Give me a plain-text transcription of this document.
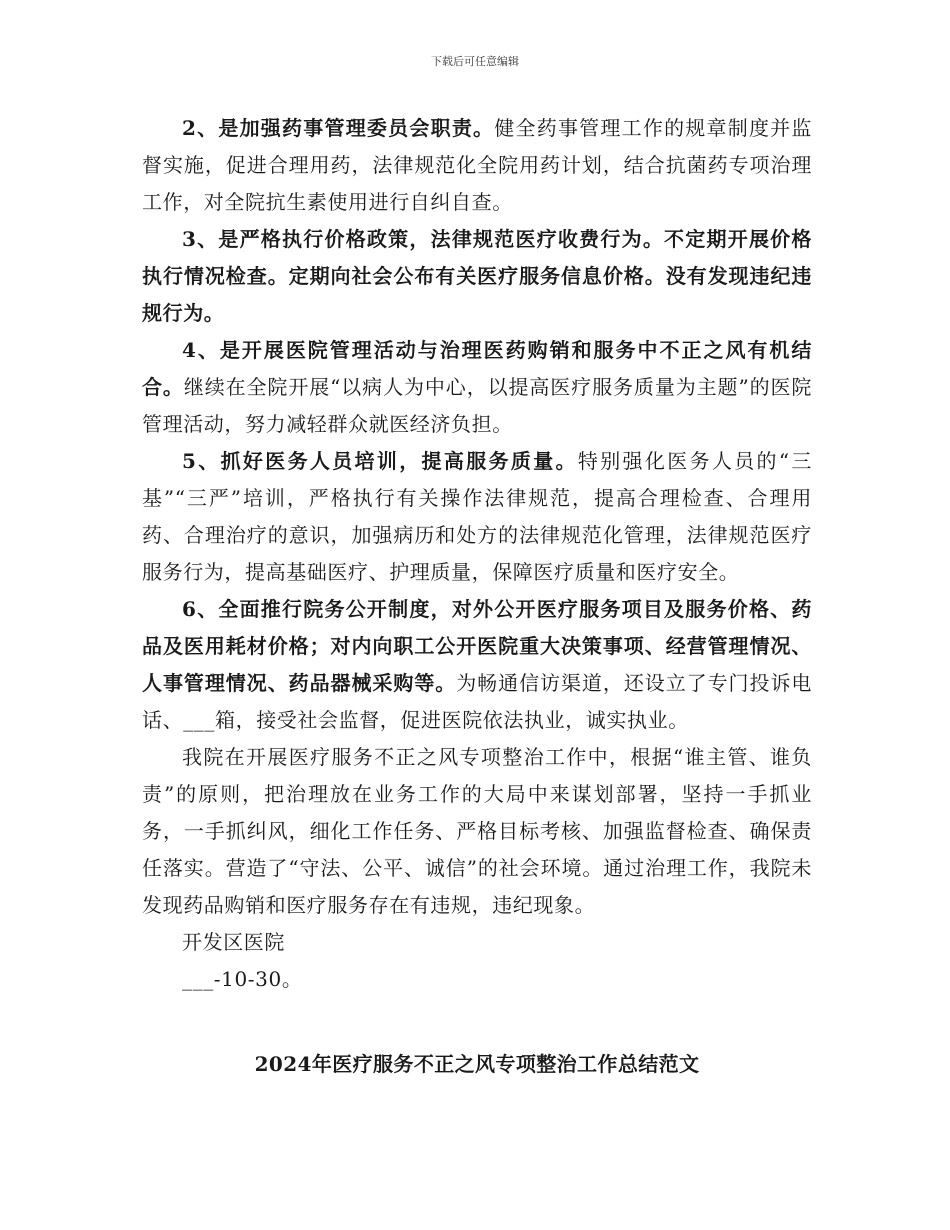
下载后可任意编辑

2、是加强药事管理委员会职责。健全药事管理工作的规章制度并监督实施，促进合理用药，法律规范化全院用药计划，结合抗菌药专项治理工作，对全院抗生素使用进行自纠自查。

3、是严格执行价格政策，法律规范医疗收费行为。不定期开展价格执行情况检查。定期向社会公布有关医疗服务信息价格。没有发现违纪违规行为。

4、是开展医院管理活动与治理医药购销和服务中不正之风有机结合。继续在全院开展“以病人为中心，以提高医疗服务质量为主题”的医院管理活动，努力减轻群众就医经济负担。

5、抓好医务人员培训，提高服务质量。特别强化医务人员的“三基”“三严”培训，严格执行有关操作法律规范，提高合理检查、合理用药、合理治疗的意识，加强病历和处方的法律规范化管理，法律规范医疗服务行为，提高基础医疗、护理质量，保障医疗质量和医疗安全。

6、全面推行院务公开制度，对外公开医疗服务项目及服务价格、药品及医用耗材价格；对内向职工公开医院重大决策事项、经营管理情况、人事管理情况、药品器械采购等。为畅通信访渠道，还设立了专门投诉电话、___箱，接受社会监督，促进医院依法执业，诚实执业。

我院在开展医疗服务不正之风专项整治工作中，根据“谁主管、谁负责”的原则，把治理放在业务工作的大局中来谋划部署，坚持一手抓业务，一手抓纠风，细化工作任务、严格目标考核、加强监督检查、确保责任落实。营造了“守法、公平、诚信”的社会环境。通过治理工作，我院未发现药品购销和医疗服务存在有违规，违纪现象。

开发区医院

___-10-30。

2024年医疗服务不正之风专项整治工作总结范文
